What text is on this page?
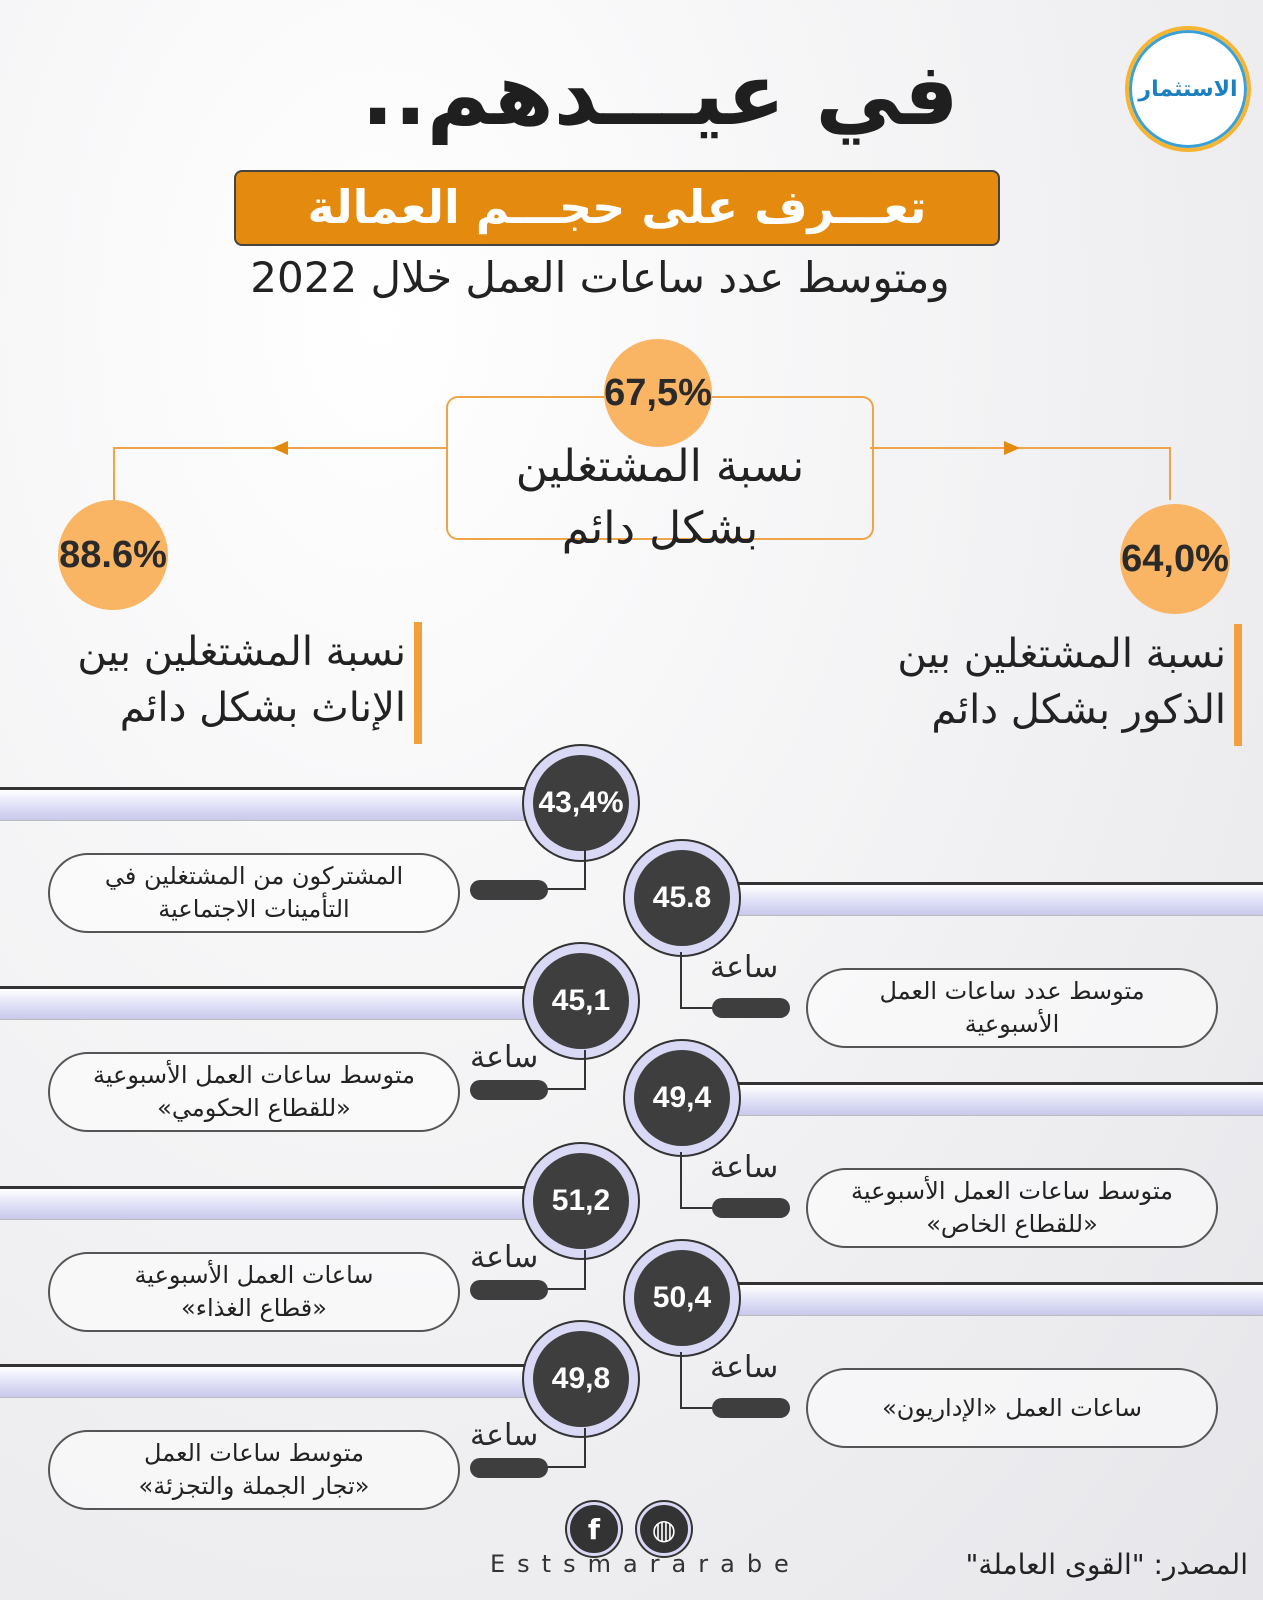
الاستثمار
في عيـــدهم..
تعـــرف على حجـــم العمالة
ومتوسط عدد ساعات العمل خلال 2022
67,5%
نسبة المشتغلين
بشكل دائم
88.6%
نسبة المشتغلين بين
الإناث بشكل دائم
64,0%
نسبة المشتغلين بين
الذكور بشكل دائم
43,4%
المشتركون من المشتغلين في
التأمينات الاجتماعية
45,1
ساعة
متوسط ساعات العمل الأسبوعية
«للقطاع الحكومي»
51,2
ساعة
ساعات العمل الأسبوعية
«قطاع الغذاء»
49,8
ساعة
متوسط ساعات العمل
«تجار الجملة والتجزئة»
45.8
ساعة
متوسط عدد ساعات العمل
الأسبوعية
49,4
ساعة
متوسط ساعات العمل الأسبوعية
«للقطاع الخاص»
50,4
ساعة
ساعات العمل «الإداريون»
f	◍
Estsmararabe	المصدر: "القوى العاملة"
